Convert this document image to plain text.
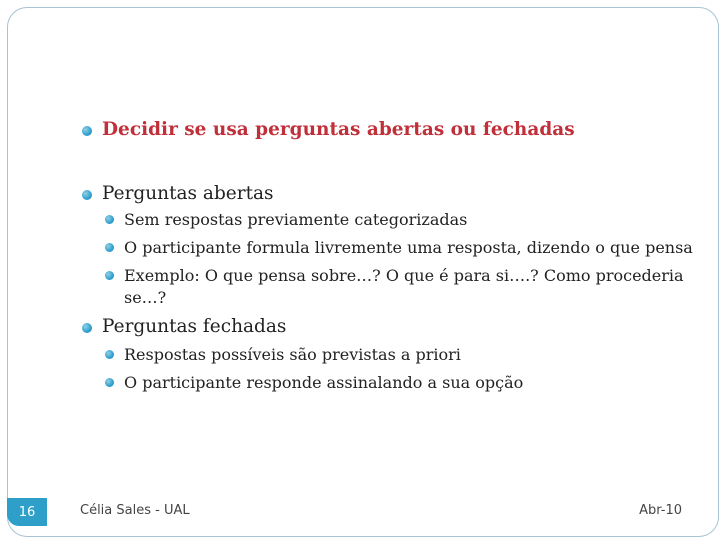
Decidir se usa perguntas abertas ou fechadas

Perguntas abertas

Sem respostas previamente categorizadas

O participante formula livremente uma resposta, dizendo o que pensa

Exemplo: O que pensa sobre…? O que é para si….? Como procederia se…?

Perguntas fechadas

Respostas possíveis são previstas a priori

O participante responde assinalando a sua opção

16	Célia Sales - UAL	Abr-10
